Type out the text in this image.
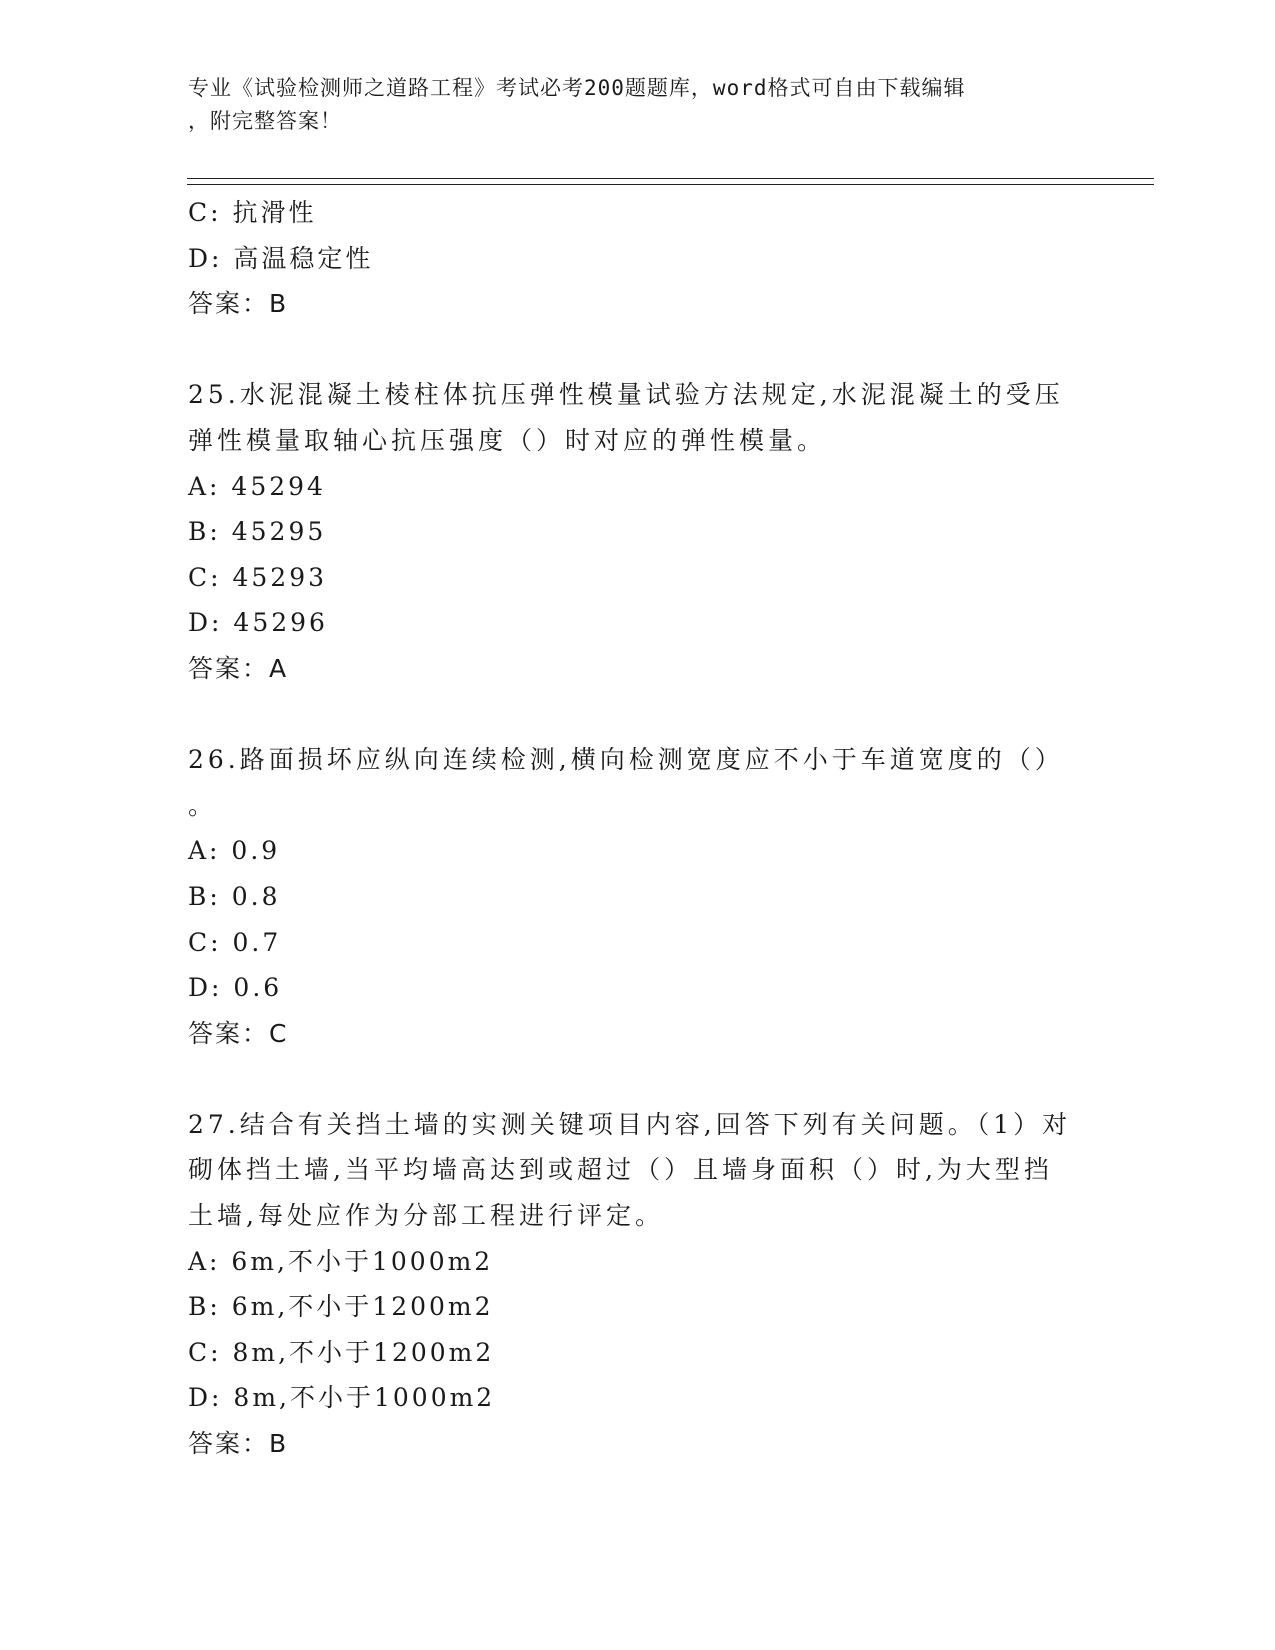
专业《试验检测师之道路工程》考试必考200题题库，word格式可自由下载编辑
，附完整答案！
C: 抗滑性
D: 高温稳定性
答案：B
25.水泥混凝土棱柱体抗压弹性模量试验方法规定,水泥混凝土的受压
弹性模量取轴心抗压强度（）时对应的弹性模量。
A: 45294
B: 45295
C: 45293
D: 45296
答案：A
26.路面损坏应纵向连续检测,横向检测宽度应不小于车道宽度的（）
。
A: 0.9
B: 0.8
C: 0.7
D: 0.6
答案：C
27.结合有关挡土墙的实测关键项目内容,回答下列有关问题。（1）对
砌体挡土墙,当平均墙高达到或超过（）且墙身面积（）时,为大型挡
土墙,每处应作为分部工程进行评定。
A: 6m,不小于1000m2
B: 6m,不小于1200m2
C: 8m,不小于1200m2
D: 8m,不小于1000m2
答案：B
